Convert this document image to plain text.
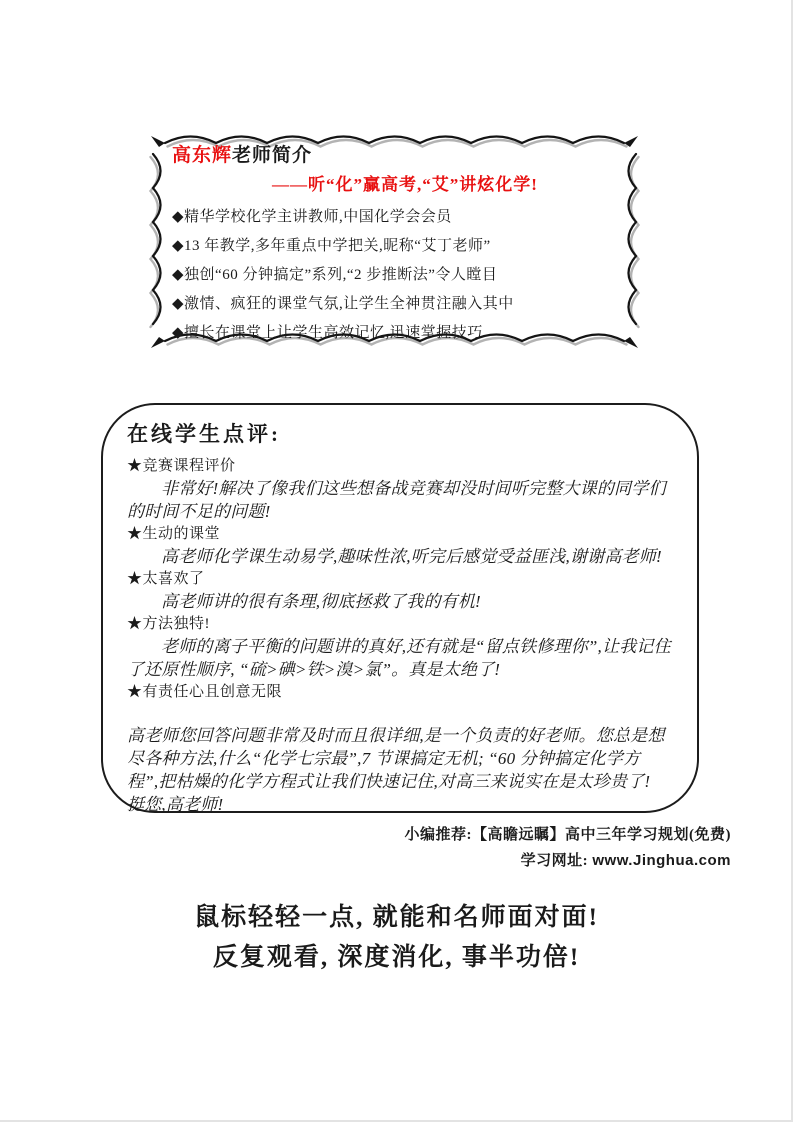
高东辉老师简介
——听“化”赢高考,“艾”讲炫化学!
◆精华学校化学主讲教师,中国化学会会员
◆13 年教学,多年重点中学把关,昵称“艾丁老师”
◆独创“60 分钟搞定”系列,“2 步推断法”令人瞠目
◆激情、疯狂的课堂气氛,让学生全神贯注融入其中
◆擅长在课堂上让学生高效记忆,迅速掌握技巧
在线学生点评:
★竞赛课程评价

非常好!解决了像我们这些想备战竞赛却没时间听完整大课的同学们的时间不足的问题!

★生动的课堂

高老师化学课生动易学,趣味性浓,听完后感觉受益匪浅,谢谢高老师!

★太喜欢了

高老师讲的很有条理,彻底拯救了我的有机!

★方法独特!

老师的离子平衡的问题讲的真好,还有就是“留点铁修理你”,让我记住了还原性顺序, “硫>碘>铁>溴>氯”。真是太绝了!

★有责任心且创意无限

高老师您回答问题非常及时而且很详细,是一个负责的好老师。您总是想尽各种方法,什么“化学七宗最”,7 节课搞定无机; “60 分钟搞定化学方程”,把枯燥的化学方程式让我们快速记住,对高三来说实在是太珍贵了! 挺您,高老师!

小编推荐:【高瞻远瞩】高中三年学习规划(免费)
学习网址: www.Jinghua.com
鼠标轻轻一点, 就能和名师面对面!
反复观看, 深度消化, 事半功倍!
